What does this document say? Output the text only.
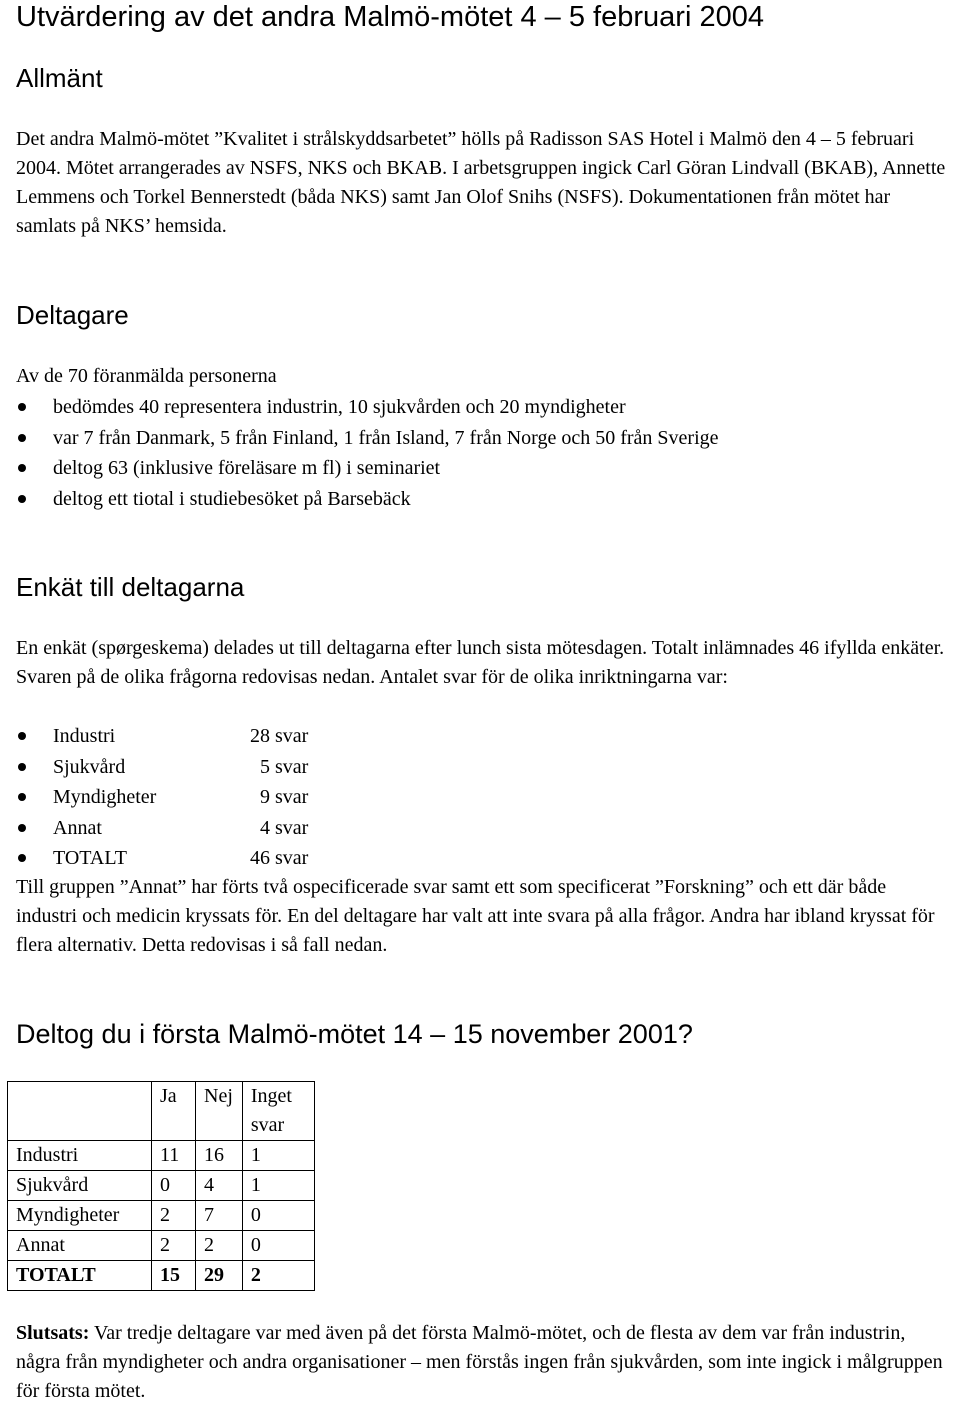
Utvärdering av det andra Malmö-mötet 4 – 5 februari 2004
Allmänt

Det andra Malmö-mötet ”Kvalitet i strålskyddsarbetet” hölls på Radisson SAS Hotel i Malmö den 4 – 5 februari 2004. Mötet arrangerades av NSFS, NKS och BKAB. I arbetsgruppen ingick Carl Göran Lindvall (BKAB), Annette Lemmens och Torkel Bennerstedt (båda NKS) samt Jan Olof Snihs (NSFS). Dokumentationen från mötet har samlats på NKS’ hemsida.

Deltagare

Av de 70 föranmälda personerna

bedömdes 40 representera industrin, 10 sjukvården och 20 myndigheter
var 7 från Danmark, 5 från Finland, 1 från Island, 7 från Norge och 50 från Sverige
deltog 63 (inklusive föreläsare m fl) i seminariet
deltog ett tiotal i studiebesöket på Barsebäck
Enkät till deltagarna

En enkät (spørgeskema) delades ut till deltagarna efter lunch sista mötesdagen. Totalt inlämnades 46 ifyllda enkäter. Svaren på de olika frågorna redovisas nedan. Antalet svar för de olika inriktningarna var:

Industri	28 svar
Sjukvård	5 svar
Myndigheter	9 svar
Annat	4 svar
TOTALT	46 svar

Till gruppen ”Annat” har förts två ospecificerade svar samt ett som specificerat ”Forskning” och ett där både industri och medicin kryssats för. En del deltagare har valt att inte svara på alla frågor. Andra har ibland kryssat för flera alternativ. Detta redovisas i så fall nedan.

Deltog du i första Malmö-mötet 14 – 15 november 2001?
	Ja	Nej	Inget svar
Industri	11	16	1
Sjukvård	0	4	1
Myndigheter	2	7	0
Annat	2	2	0
TOTALT	15	29	2

Slutsats: Var tredje deltagare var med även på det första Malmö-mötet, och de flesta av dem var från industrin, några från myndigheter och andra organisationer – men förstås ingen från sjukvården, som inte ingick i målgruppen för första mötet.
